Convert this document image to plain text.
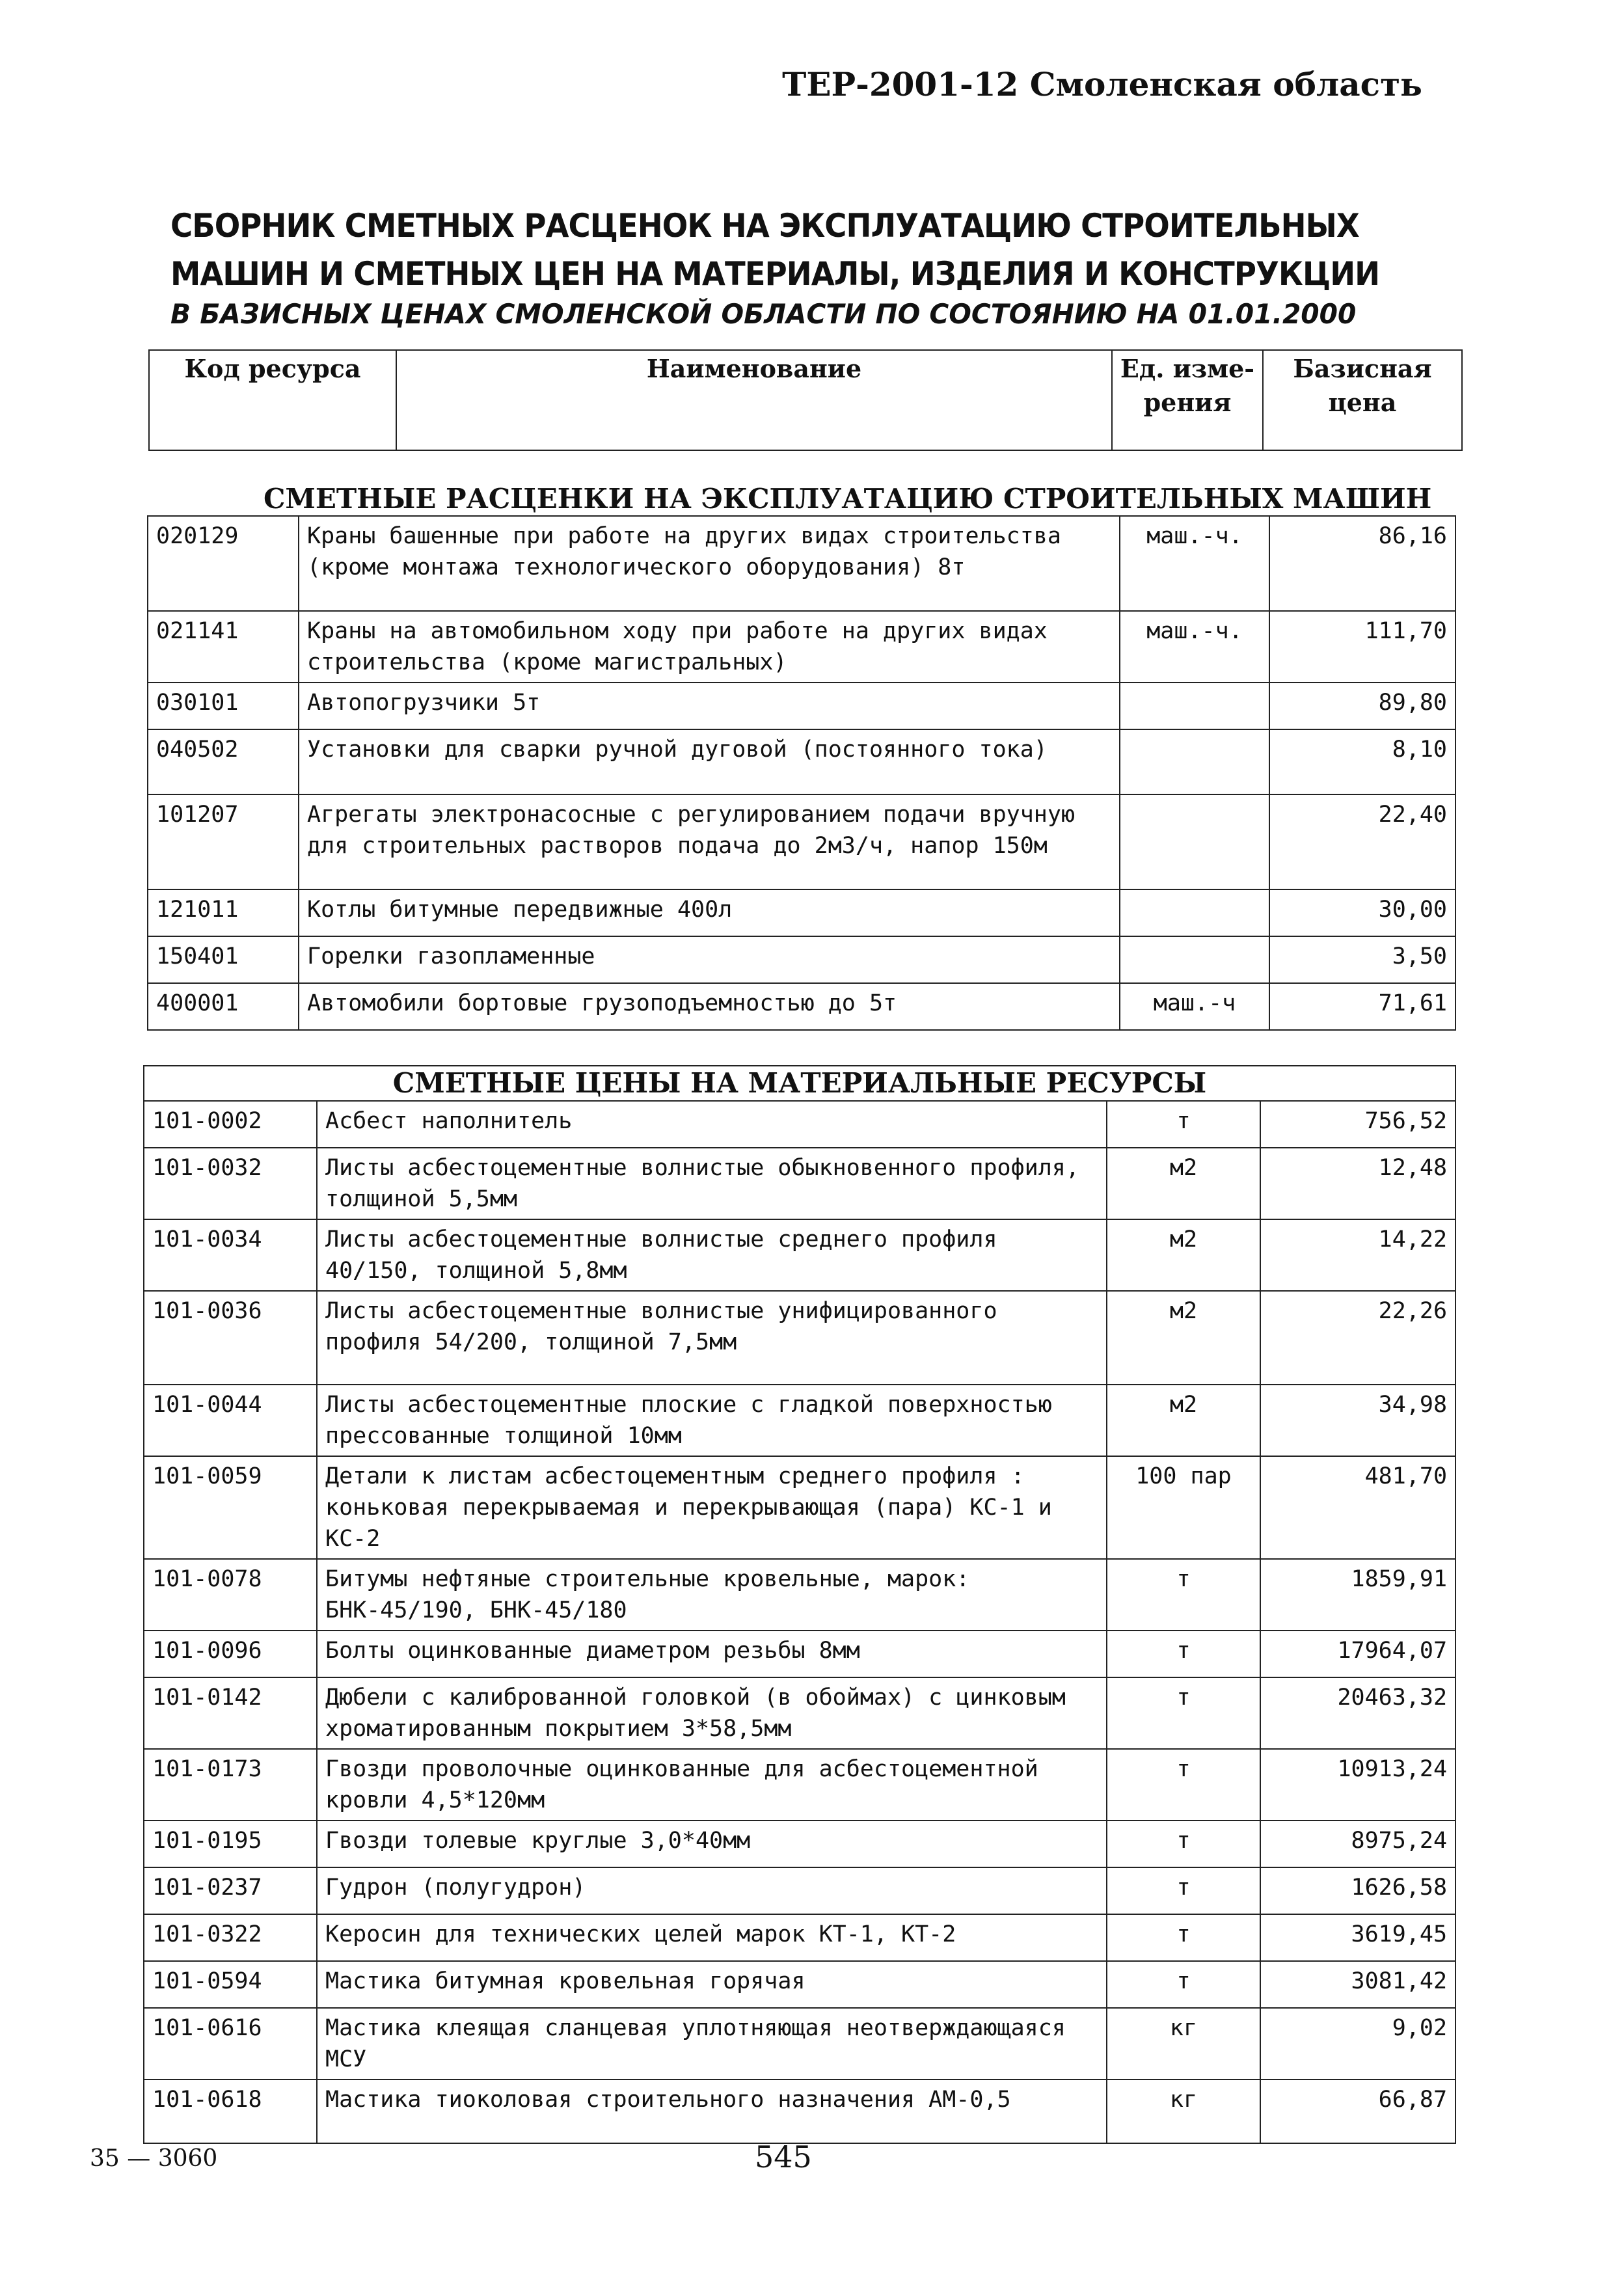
ТЕР-2001-12 Смоленская область
СБОРНИК СМЕТНЫХ РАСЦЕНОК НА ЭКСПЛУАТАЦИЮ СТРОИТЕЛЬНЫХ
МАШИН И СМЕТНЫХ ЦЕН НА МАТЕРИАЛЫ, ИЗДЕЛИЯ И КОНСТРУКЦИИ
В БАЗИСНЫХ ЦЕНАХ СМОЛЕНСКОЙ ОБЛАСТИ ПО СОСТОЯНИЮ НА 01.01.2000
Код ресурса	Наименование	Ед. изме-рения	Базисная цена
СМЕТНЫЕ РАСЦЕНКИ НА ЭКСПЛУАТАЦИЮ СТРОИТЕЛЬНЫХ МАШИН
020129	Краны башенные при работе на других видах строительства (кроме монтажа технологического оборудования) 8т	маш.-ч.	86,16
021141	Краны на автомобильном ходу при работе на других видах строительства (кроме магистральных)	маш.-ч.	111,70
030101	Автопогрузчики 5т		89,80
040502	Установки для сварки ручной дуговой (постоянного тока)		8,10
101207	Агрегаты электронасосные с регулированием подачи вручную для строительных растворов подача до 2м3/ч, напор 150м		22,40
121011	Котлы битумные передвижные 400л		30,00
150401	Горелки газопламенные		3,50
400001	Автомобили бортовые грузоподъемностью до 5т	маш.-ч	71,61
СМЕТНЫЕ ЦЕНЫ НА МАТЕРИАЛЬНЫЕ РЕСУРСЫ			
101-0002	Асбест наполнитель	т	756,52
101-0032	Листы асбестоцементные волнистые обыкновенного профиля, толщиной 5,5мм	м2	12,48
101-0034	Листы асбестоцементные волнистые среднего профиля 40/150, толщиной 5,8мм	м2	14,22
101-0036	Листы асбестоцементные волнистые унифицированного профиля 54/200, толщиной 7,5мм	м2	22,26
101-0044	Листы асбестоцементные плоские с гладкой поверхностью прессованные толщиной 10мм	м2	34,98
101-0059	Детали к листам асбестоцементным среднего профиля : коньковая перекрываемая и перекрывающая (пара) КС-1 и КС-2	100 пар	481,70
101-0078	Битумы нефтяные строительные кровельные, марок: БНК-45/190, БНК-45/180	т	1859,91
101-0096	Болты оцинкованные диаметром резьбы 8мм	т	17964,07
101-0142	Дюбели с калиброванной головкой (в обоймах) с цинковым хроматированным покрытием 3*58,5мм	т	20463,32
101-0173	Гвозди проволочные оцинкованные для асбестоцементной кровли 4,5*120мм	т	10913,24
101-0195	Гвозди толевые круглые 3,0*40мм	т	8975,24
101-0237	Гудрон (полугудрон)	т	1626,58
101-0322	Керосин для технических целей марок КТ-1, КТ-2	т	3619,45
101-0594	Мастика битумная кровельная горячая	т	3081,42
101-0616	Мастика клеящая сланцевая уплотняющая неотверждающаяся МСУ	кг	9,02
101-0618	Мастика тиоколовая строительного назначения АМ-0,5	кг	66,87
35 — 3060	545
